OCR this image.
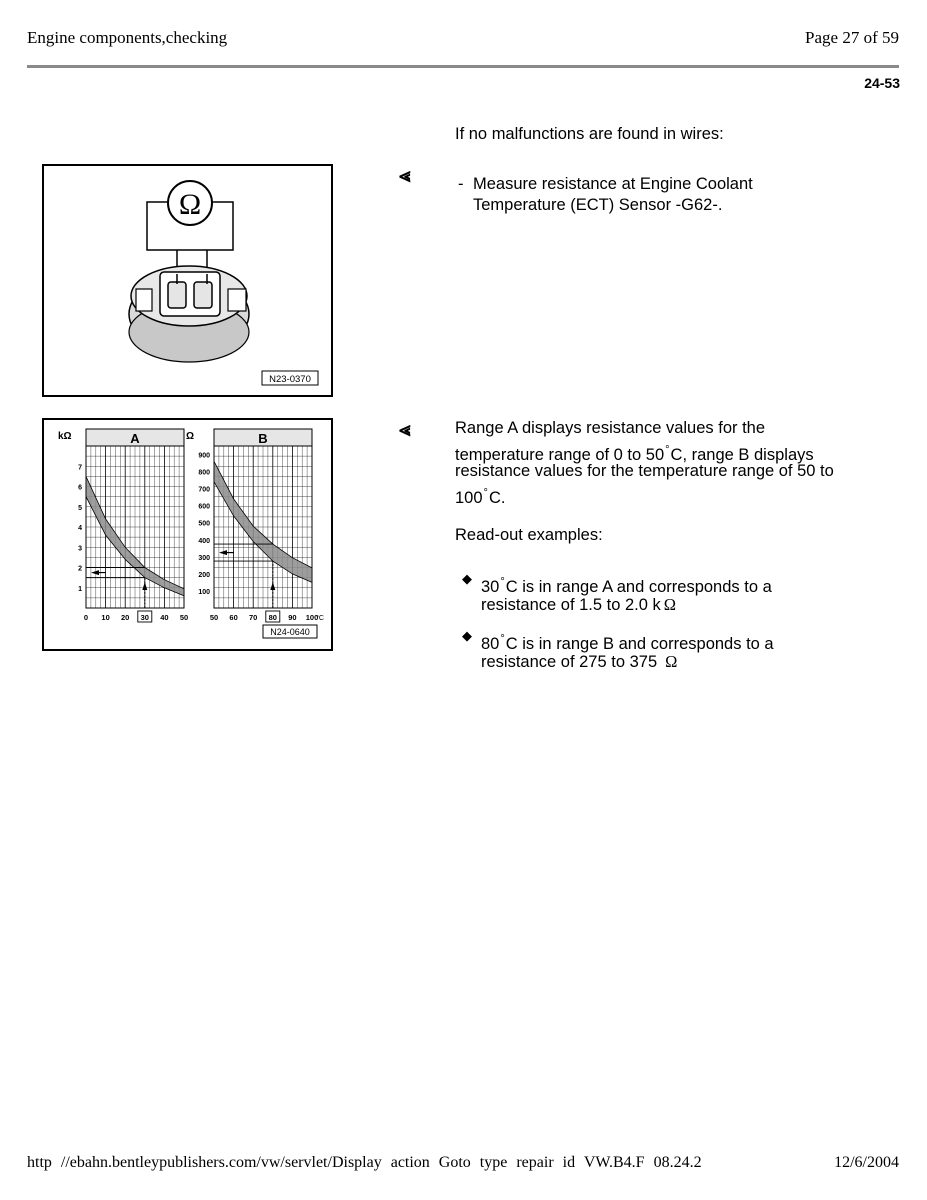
Engine components,checking	Page 27 of 59
24-53
If no malfunctions are found in wires:
Ω
N23-0370
⪡	- Measure resistance at Engine Coolant
Temperature (ECT) Sensor -G62-.
N24-0640
A
kΩ
0 10 20 30 40 50
1
2
3
4
5
6
7
B
Ω
50 60 70 80 90 100
°C
100
200
300
400
500
600
700
800
900
⪡	Range A displays resistance values for the
temperature range of 0 to 50°C, range B displays
resistance values for the temperature range of 50 to
100°C.
Read-out examples:
◆ 30°C is in range A and corresponds to a
resistance of 1.5 to 2.0 k Ω
◆ 80°C is in range B and corresponds to a
resistance of 275 to 375 Ω
http //ebahn.bentleypublishers.com/vw/servlet/Display action Goto type repair id VW.B4.F 08.24.2	12/6/2004
